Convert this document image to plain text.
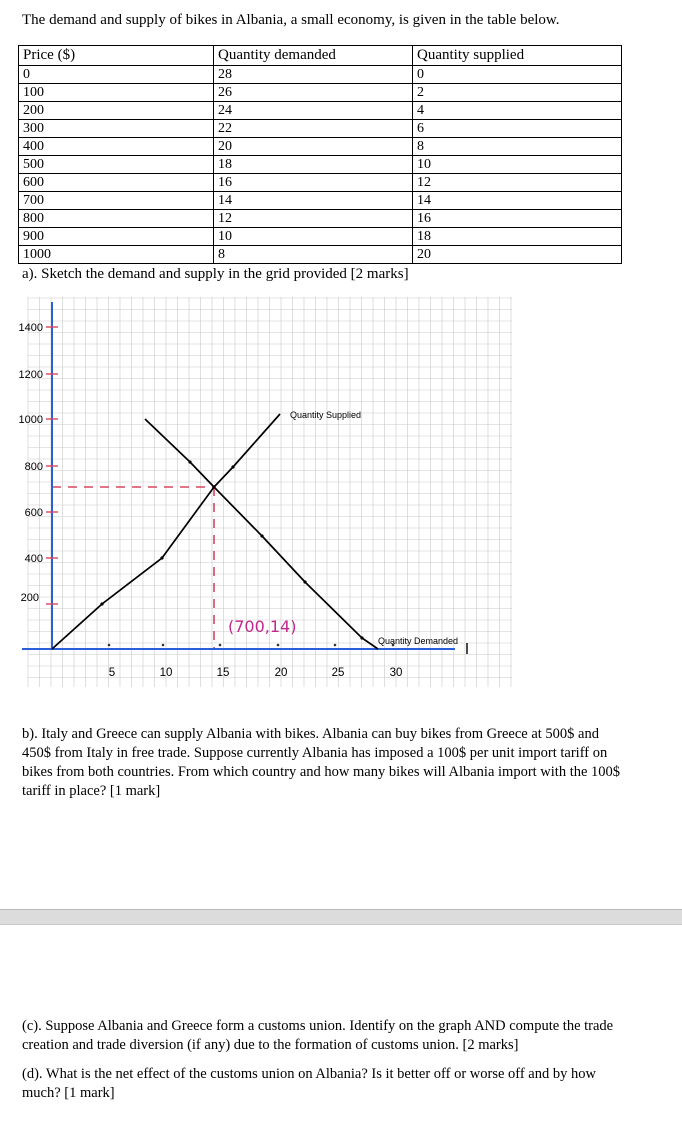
The demand and supply of bikes in Albania, a small economy, is given in the table below.
Price ($)	Quantity demanded	Quantity supplied
0	28	0
100	26	2
200	24	4
300	22	6
400	20	8
500	18	10
600	16	12
700	14	14
800	12	16
900	10	18
1000	8	20
a). Sketch the demand and supply in the grid provided [2 marks]
200
400
600
800
1000
1200
1400
5	10	15	20	25	30
Quantity Supplied
Quantity Demanded
(700,14)
b). Italy and Greece can supply Albania with bikes. Albania can buy bikes from Greece at 500$ and 450$ from Italy in free trade. Suppose currently Albania has imposed a 100$ per unit import tariff on bikes from both countries. From which country and how many bikes will Albania import with the 100$ tariff in place? [1 mark]
(c). Suppose Albania and Greece form a customs union. Identify on the graph AND compute the trade creation and trade diversion (if any) due to the formation of customs union. [2 marks]
(d). What is the net effect of the customs union on Albania? Is it better off or worse off and by how much? [1 mark]
